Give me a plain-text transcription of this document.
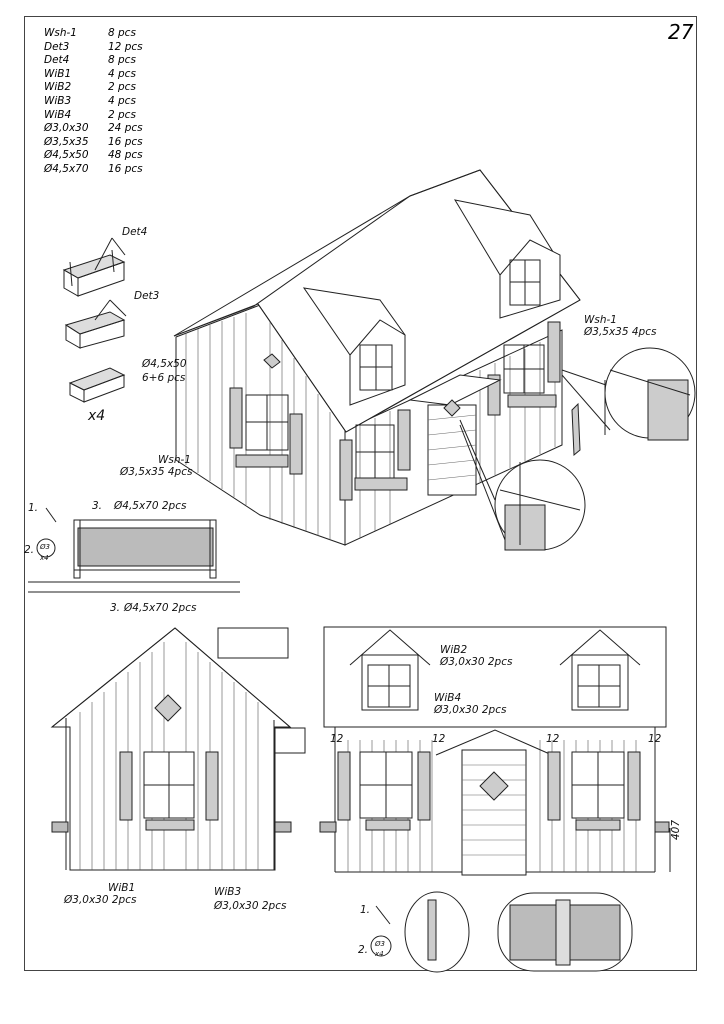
27
Wsh-1	8 pcs
Det3	12 pcs
Det4	8 pcs
WiB1	4 pcs
WiB2	2 pcs
WiB3	4 pcs
WiB4	2 pcs
Ø3,0x30	24 pcs
Ø3,5x35	16 pcs
Ø4,5x50	48 pcs
Ø4,5x70	16 pcs
Det4
Det3
Ø4,5x50
6+6 pcs
x4
Wsh-1
Ø3,5x35 4pcs
Wsh-1
Ø3,5x35 4pcs
WiB2
Ø3,0x30 2pcs
WiB4
Ø3,0x30 2pcs
WiB1
Ø3,0x30 2pcs
WiB3
Ø3,0x30 2pcs
12	12	12	12
407
1.
2. Ø3
x4
3. Ø4,5x70 2pcs
3. Ø4,5x70 2pcs
1.
2. Ø3
x4
